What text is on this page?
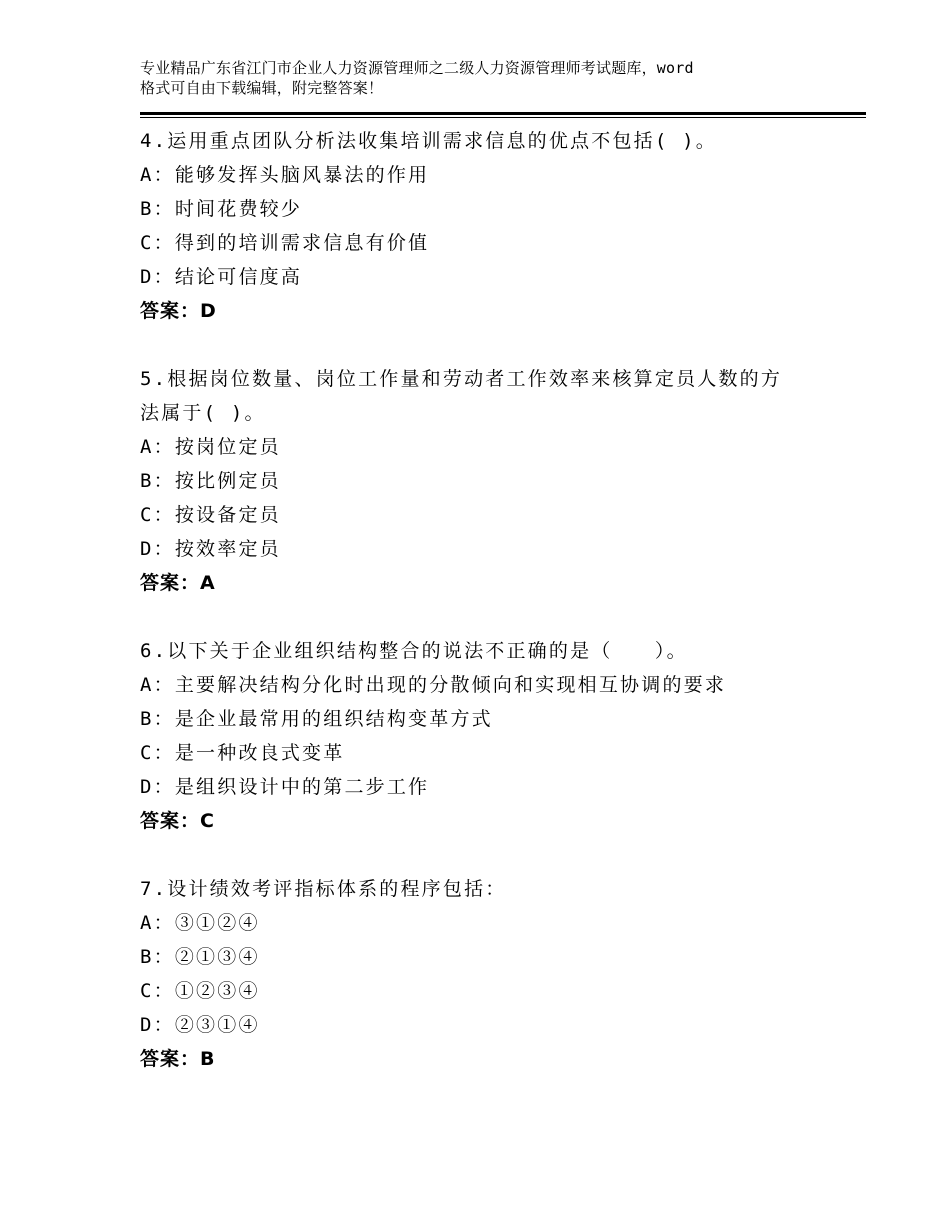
专业精品广东省江门市企业人力资源管理师之二级人力资源管理师考试题库，word
格式可自由下载编辑，附完整答案！
4.运用重点团队分析法收集培训需求信息的优点不包括( )。
A：能够发挥头脑风暴法的作用
B：时间花费较少
C：得到的培训需求信息有价值
D：结论可信度高
答案：D
5.根据岗位数量、岗位工作量和劳动者工作效率来核算定员人数的方
法属于( )。
A：按岗位定员
B：按比例定员
C：按设备定员
D：按效率定员
答案：A
6.以下关于企业组织结构整合的说法不正确的是（　　）。
A：主要解决结构分化时出现的分散倾向和实现相互协调的要求
B：是企业最常用的组织结构变革方式
C：是一种改良式变革
D：是组织设计中的第二步工作
答案：C
7.设计绩效考评指标体系的程序包括：
A：③①②④
B：②①③④
C：①②③④
D：②③①④
答案：B
